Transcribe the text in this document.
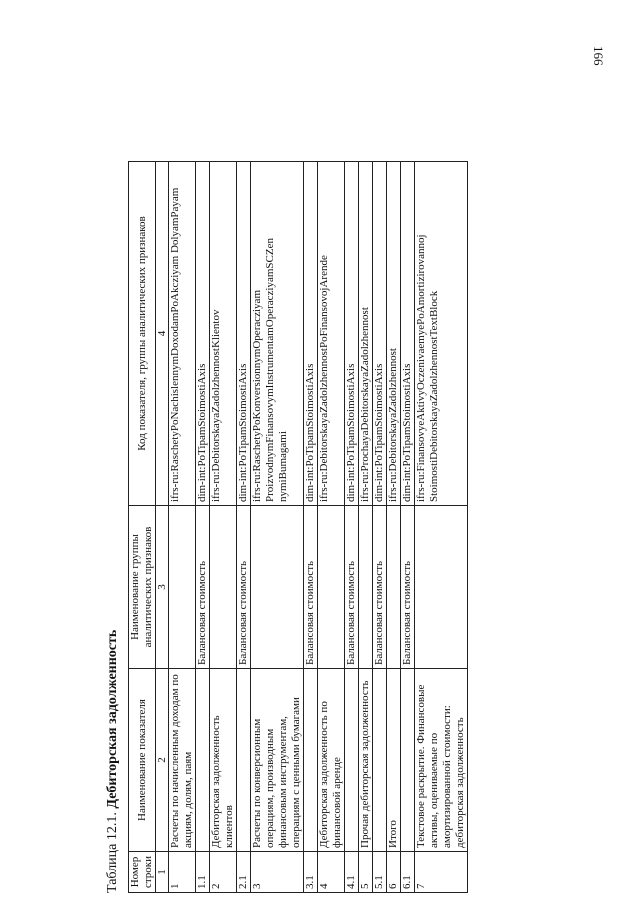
166
Таблица 12.1. Дебиторская задолженность
Номер строки	Наименование показателя	Наименование группы аналитических признаков	Код показателя, группы аналитических признаков
1	2	3	4
1	Расчеты по начисленным доходам по акциям, долям, паям		ifrs-ru:RaschetyPoNachislennymDoxodamPoAkcziyam DolyamPayam
1.1		Балансовая стоимость	dim-int:PoTipamStoimostiAxis
2	Дебиторская задолженность клиентов		ifrs-ru:DebitorskayaZadolzhennostKlientov
2.1		Балансовая стоимость	dim-int:PoTipamStoimostiAxis
3	Расчеты по конверсионным операциям, производным финансовым инструментам, операциям с ценными бумагами		ifrs-ru:RaschetyPoKonversionnymOperacziyam ProizvodnymFinansovymInstrumentamOperacziyamSCZen nymiBumagami
3.1		Балансовая стоимость	dim-int:PoTipamStoimostiAxis
4	Дебиторская задолженность по финансовой аренде		ifrs-ru:DebitorskayaZadolzhennostPoFinansovojArende
4.1		Балансовая стоимость	dim-int:PoTipamStoimostiAxis
5	Прочая дебиторская задолженность		ifrs-ru:ProchayaDebitorskayaZadolzhennost
5.1		Балансовая стоимость	dim-int:PoTipamStoimostiAxis
6	Итого		ifrs-ru:DebitorskayaZadolzhennost
6.1		Балансовая стоимость	dim-int:PoTipamStoimostiAxis
7	Текстовое раскрытие. Финансовые активы, оцениваемые по амортизированной стоимости: дебиторская задолженность		ifrs-ru:FinansovyeAktivyOczenivaemyePoAmortizirovannoj StoimostiDebitorskayaZadolzhennostTextBlock
